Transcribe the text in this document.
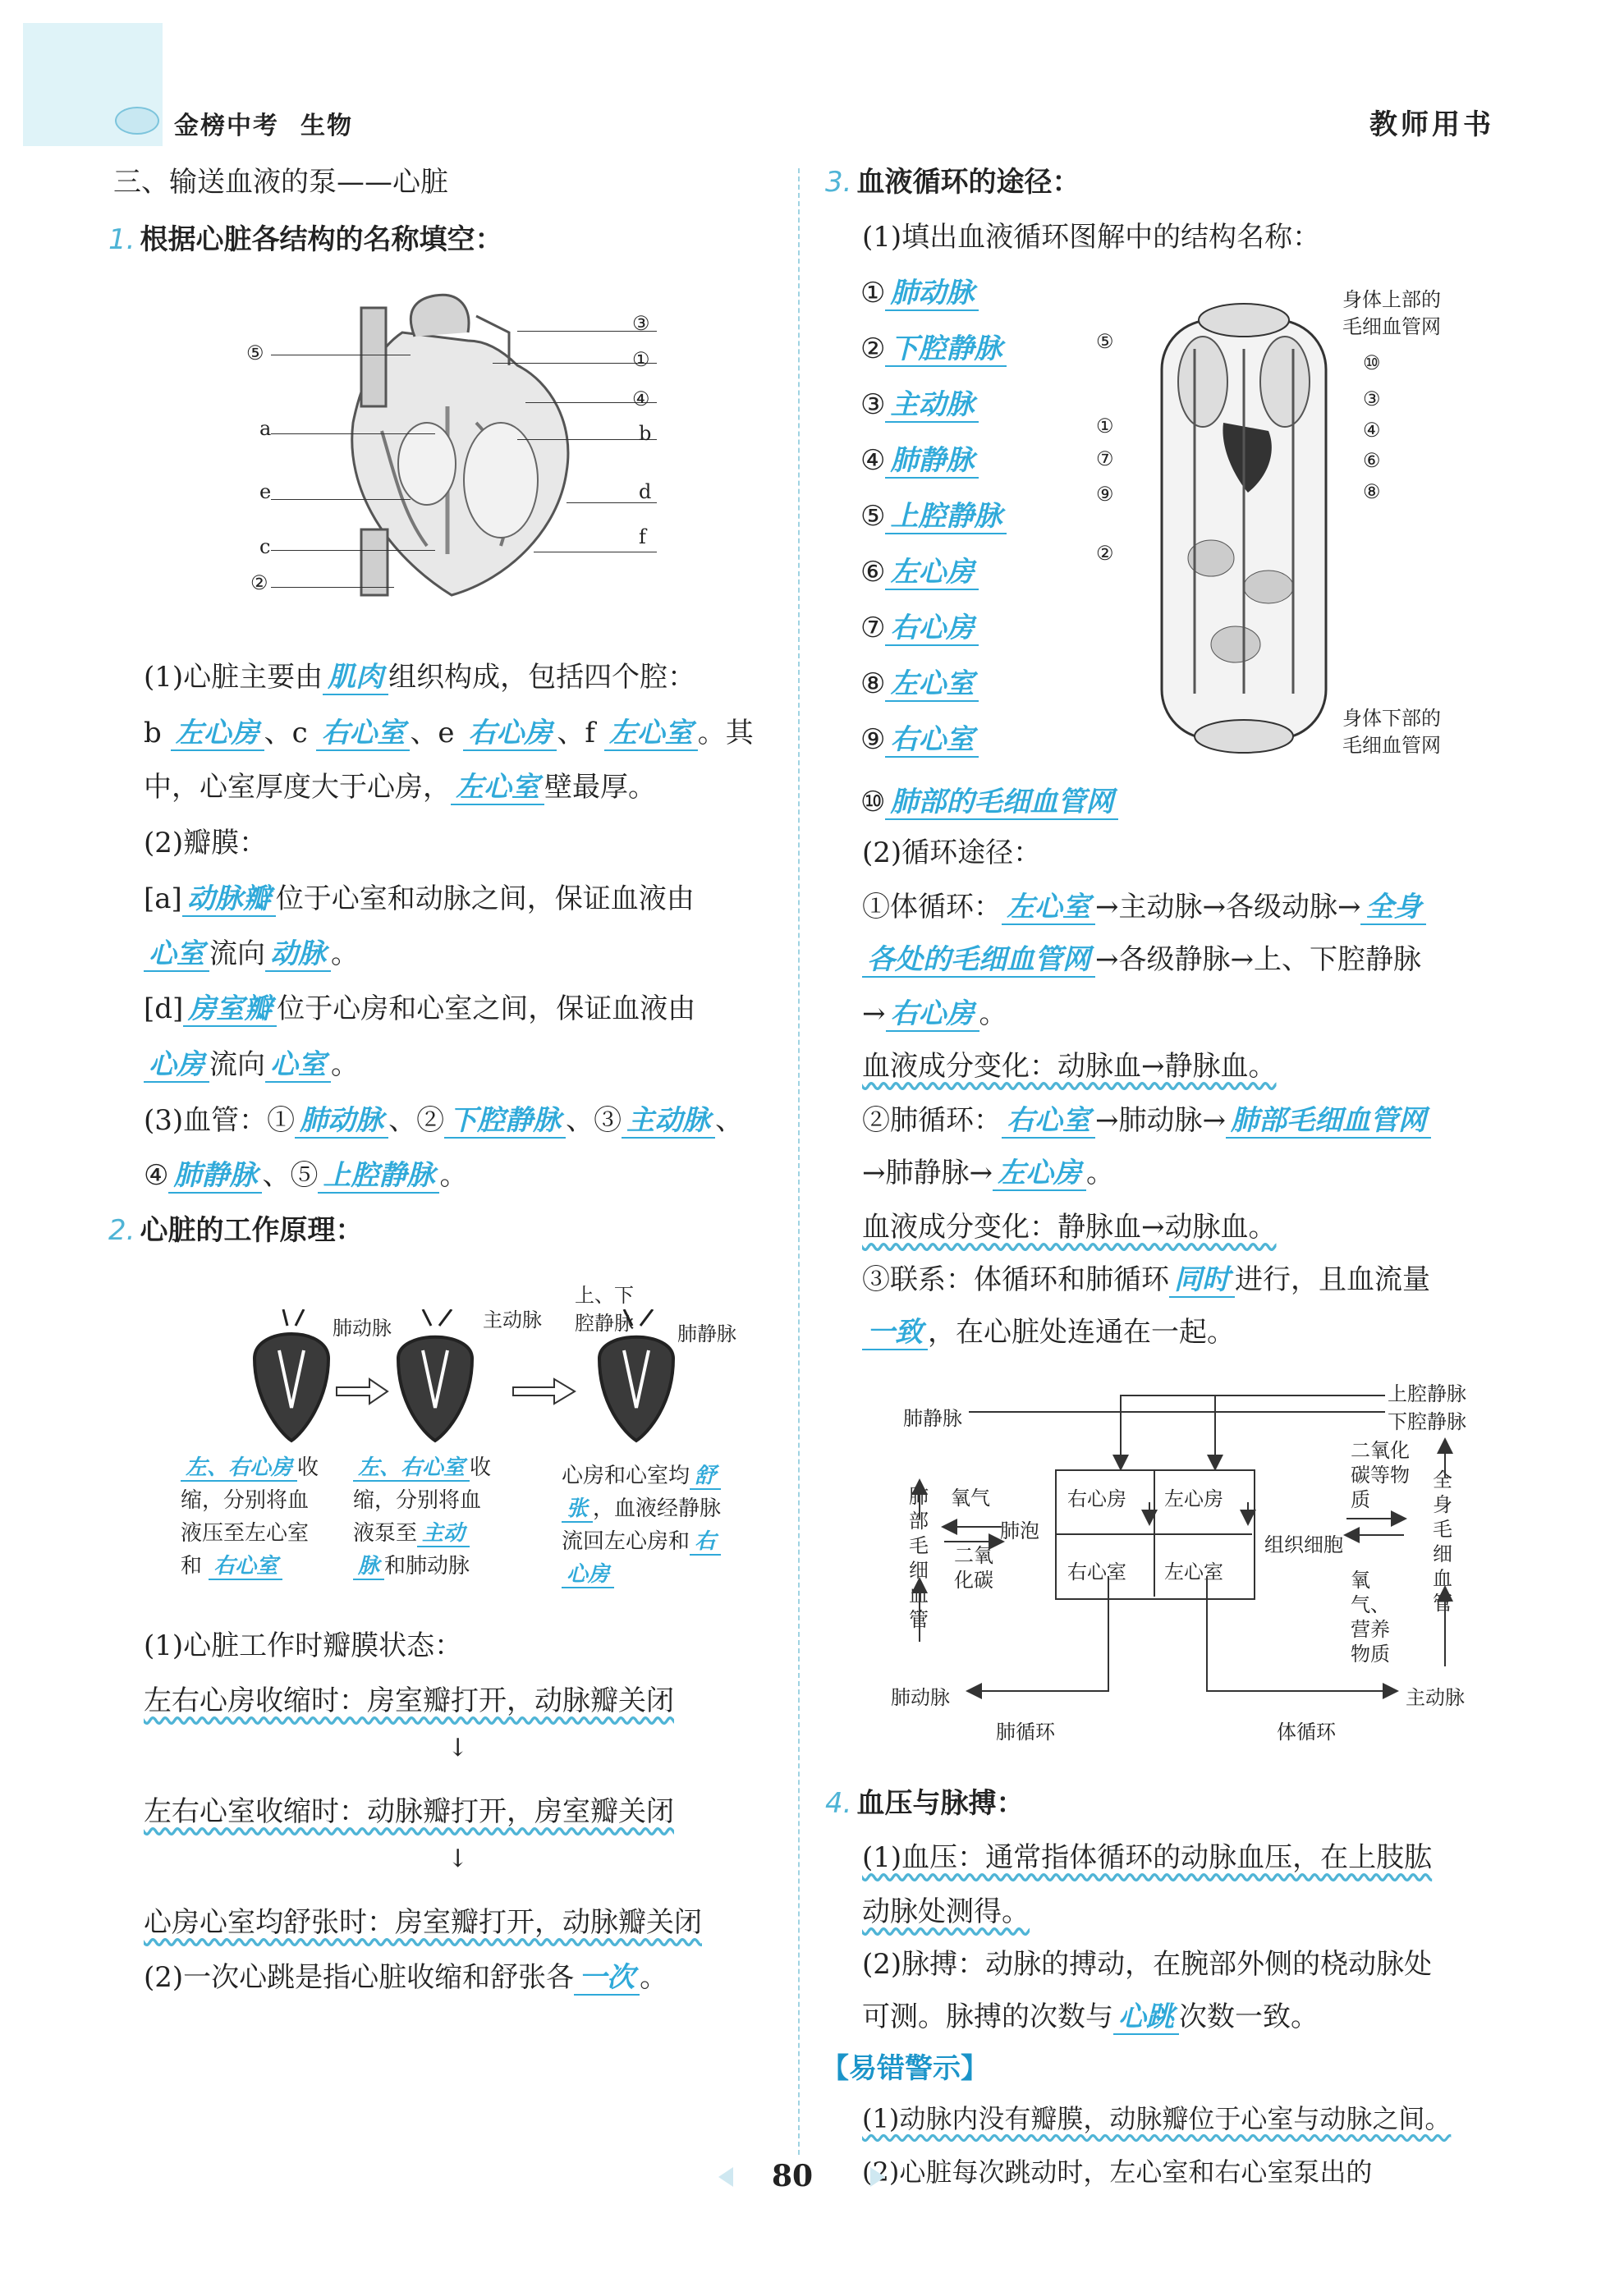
金榜中考 生物	教师用书
三、输送血液的泵——心脏
1. 根据心脏各结构的名称填空：
⑤
a
e
c
②
③
①
④
b
d
f
(1)心脏主要由 肌肉 组织构成，包括四个腔：
b 左心房 、c 右心室 、e 右心房 、f 左心室 。其
中，心室厚度大于心房， 左心室 壁最厚。
(2)瓣膜：
[a] 动脉瓣 位于心室和动脉之间，保证血液由
心室 流向 动脉 。
[d] 房室瓣 位于心房和心室之间，保证血液由
心房 流向 心室 。
(3)血管：① 肺动脉 、② 下腔静脉 、③ 主动脉 、
④ 肺静脉 、⑤ 上腔静脉 。
2. 心脏的工作原理：
肺动脉	主动脉
上、下
腔静脉 肺静脉
左、右心房 收
缩，分别将血
液压至左心室
和 右心室
左、右心室 收
缩，分别将血
液泵至 主动
脉 和肺动脉
心房和心室均 舒
张 ，血液经静脉
流回左心房和 右
心房
(1)心脏工作时瓣膜状态：
左右心房收缩时：房室瓣打开，动脉瓣关闭
↓
左右心室收缩时：动脉瓣打开，房室瓣关闭
↓
心房心室均舒张时：房室瓣打开，动脉瓣关闭
(2)一次心跳是指心脏收缩和舒张各 一次 。
3. 血液循环的途径：
(1)填出血液循环图解中的结构名称：
① 肺动脉
② 下腔静脉
③ 主动脉
④ 肺静脉
⑤ 上腔静脉
⑥ 左心房
⑦ 右心房
⑧ 左心室
⑨ 右心室
⑩ 肺部的毛细血管网
身体上部的
毛细血管网
身体下部的
毛细血管网
⑤
①
⑦
⑨
②
⑩
③
④
⑥
⑧
(2)循环途径：
①体循环： 左心室 →主动脉→各级动脉→ 全身
各处的毛细血管网 →各级静脉→上、下腔静脉
→ 右心房 。
血液成分变化：动脉血→静脉血。
②肺循环： 右心室 →肺动脉→ 肺部毛细血管网
→肺静脉→ 左心房 。
血液成分变化：静脉血→动脉血。
③联系：体循环和肺循环 同时 进行，且血流量
一致 ，在心脏处连通在一起。
右心房 左心房
右心室 左心室
肺静脉
上腔静脉
下腔静脉
肺部毛细血管
氧气
二氧化碳
肺泡
组织细胞
二氧化碳等物质
氧气、营养物质
全身毛细血管
肺动脉	主动脉
肺循环	体循环
4. 血压与脉搏：
(1)血压：通常指体循环的动脉血压，在上肢肱
动脉处测得。
(2)脉搏：动脉的搏动，在腕部外侧的桡动脉处
可测。脉搏的次数与 心跳 次数一致。
【易错警示】
(1)动脉内没有瓣膜，动脉瓣位于心室与动脉之间。
(2)心脏每次跳动时，左心室和右心室泵出的
80
